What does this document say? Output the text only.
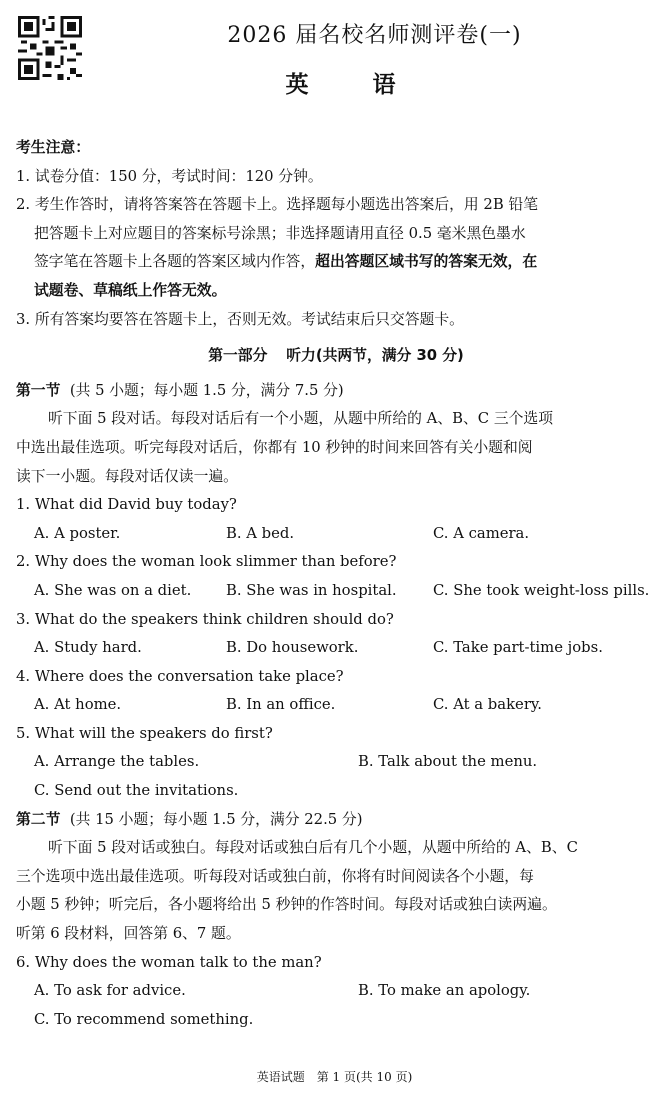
2026 届名校名师测评卷(一)
英 语
考生注意：
1. 试卷分值：150 分，考试时间：120 分钟。
2. 考生作答时，请将答案答在答题卡上。选择题每小题选出答案后，用 2B 铅笔
把答题卡上对应题目的答案标号涂黑；非选择题请用直径 0.5 毫米黑色墨水
签字笔在答题卡上各题的答案区域内作答，超出答题区域书写的答案无效，在
试题卷、草稿纸上作答无效。
3. 所有答案均要答在答题卡上，否则无效。考试结束后只交答题卡。
第一部分 听力(共两节，满分 30 分)
第一节 (共 5 小题；每小题 1.5 分，满分 7.5 分)
听下面 5 段对话。每段对话后有一个小题，从题中所给的 A、B、C 三个选项
中选出最佳选项。听完每段对话后，你都有 10 秒钟的时间来回答有关小题和阅
读下一小题。每段对话仅读一遍。
1. What did David buy today?
A. A poster.	B. A bed.	C. A camera.
2. Why does the woman look slimmer than before?
A. She was on a diet.	B. She was in hospital.	C. She took weight-loss pills.
3. What do the speakers think children should do?
A. Study hard.	B. Do housework.	C. Take part-time jobs.
4. Where does the conversation take place?
A. At home.	B. In an office.	C. At a bakery.
5. What will the speakers do first?
A. Arrange the tables.	B. Talk about the menu.
C. Send out the invitations.
第二节 (共 15 小题；每小题 1.5 分，满分 22.5 分)
听下面 5 段对话或独白。每段对话或独白后有几个小题，从题中所给的 A、B、C
三个选项中选出最佳选项。听每段对话或独白前，你将有时间阅读各个小题，每
小题 5 秒钟；听完后，各小题将给出 5 秒钟的作答时间。每段对话或独白读两遍。
听第 6 段材料，回答第 6、7 题。
6. Why does the woman talk to the man?
A. To ask for advice.	B. To make an apology.
C. To recommend something.
英语试题　第 1 页(共 10 页)
